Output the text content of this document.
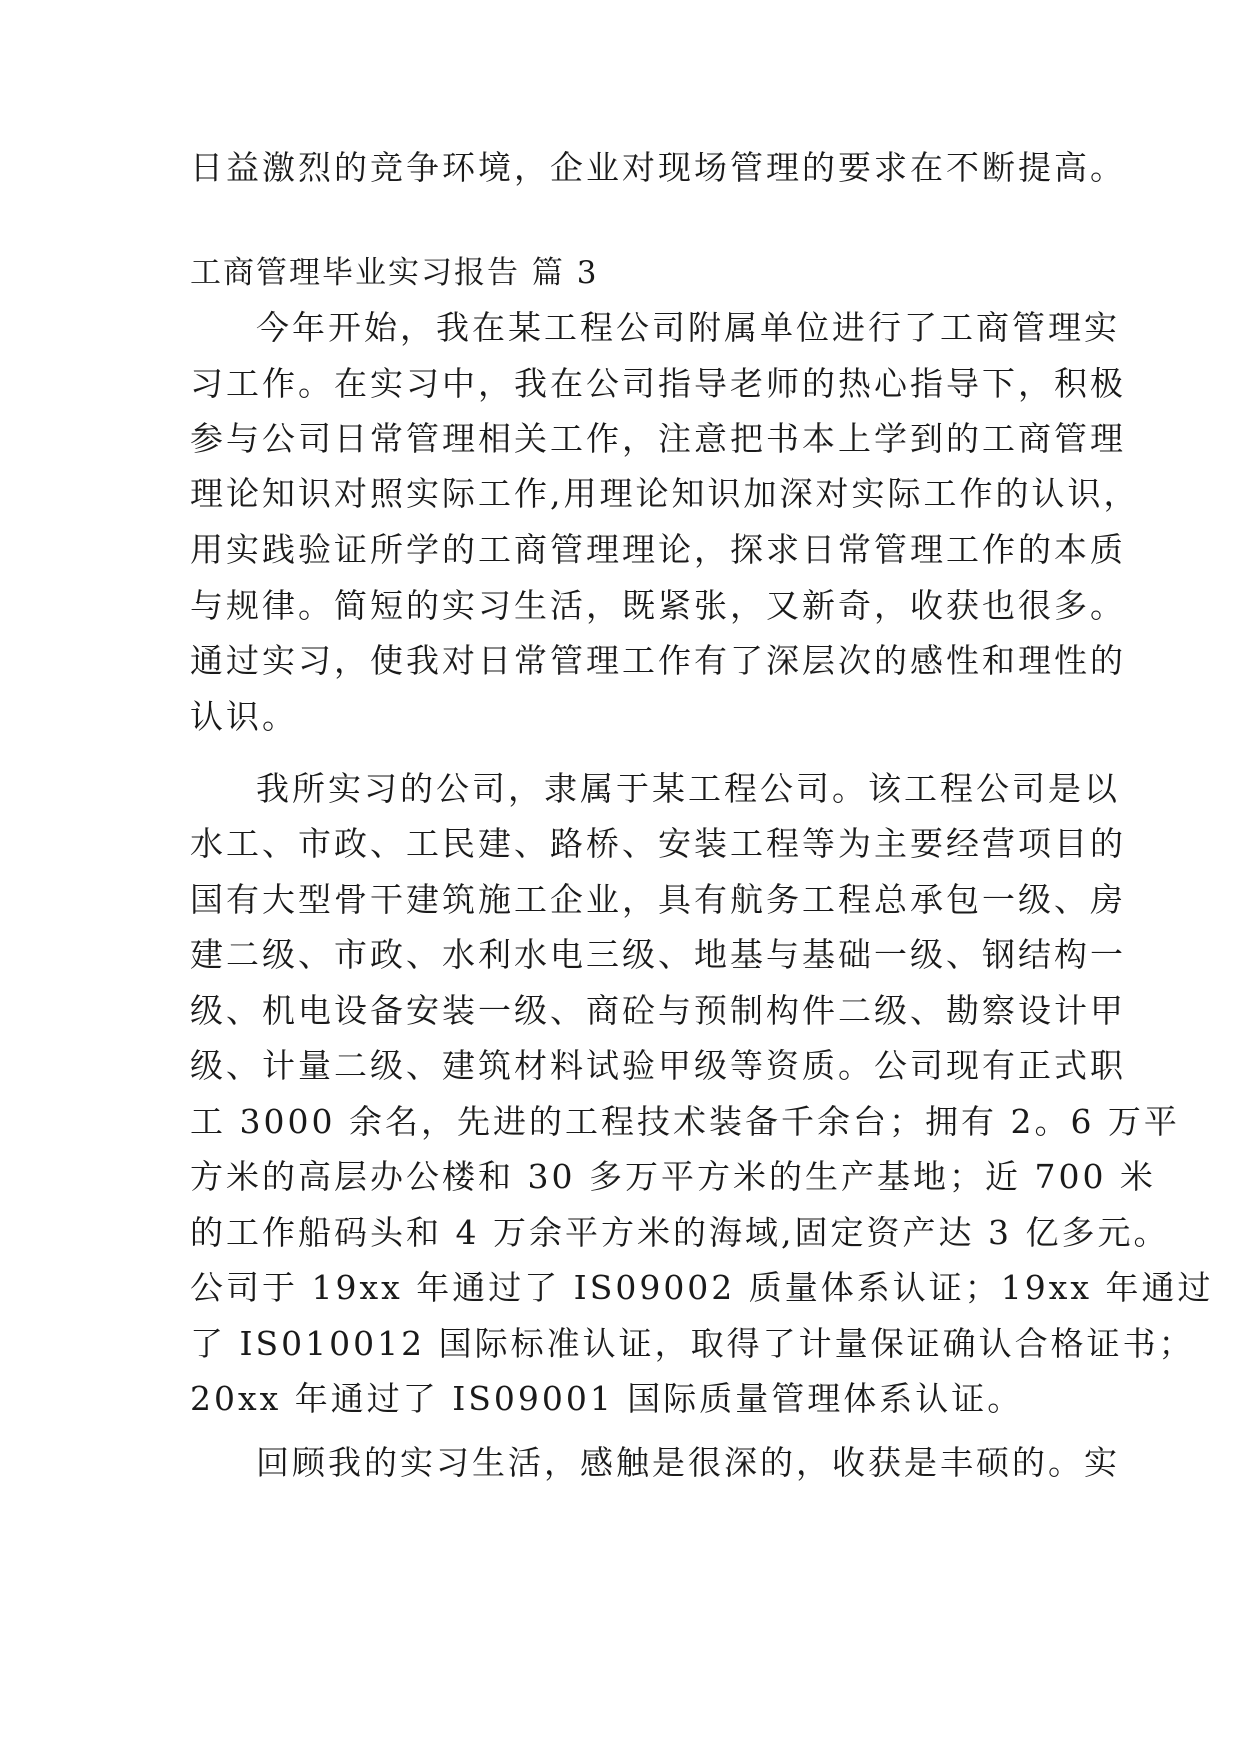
日益激烈的竞争环境，企业对现场管理的要求在不断提高。
工商管理毕业实习报告 篇 3
今年开始，我在某工程公司附属单位进行了工商管理实
习工作。在实习中，我在公司指导老师的热心指导下，积极
参与公司日常管理相关工作，注意把书本上学到的工商管理
理论知识对照实际工作,用理论知识加深对实际工作的认识，
用实践验证所学的工商管理理论，探求日常管理工作的本质
与规律。简短的实习生活，既紧张，又新奇，收获也很多。
通过实习，使我对日常管理工作有了深层次的感性和理性的
认识。
我所实习的公司，隶属于某工程公司。该工程公司是以
水工、市政、工民建、路桥、安装工程等为主要经营项目的
国有大型骨干建筑施工企业，具有航务工程总承包一级、房
建二级、市政、水利水电三级、地基与基础一级、钢结构一
级、机电设备安装一级、商砼与预制构件二级、勘察设计甲
级、计量二级、建筑材料试验甲级等资质。公司现有正式职
工 3000 余名，先进的工程技术装备千余台；拥有 2。6 万平
方米的高层办公楼和 30 多万平方米的生产基地；近 700 米
的工作船码头和 4 万余平方米的海域,固定资产达 3 亿多元。
公司于 19xx 年通过了 IS09002 质量体系认证；19xx 年通过
了 IS010012 国际标准认证，取得了计量保证确认合格证书；
20xx 年通过了 IS09001 国际质量管理体系认证。
回顾我的实习生活，感触是很深的，收获是丰硕的。实
